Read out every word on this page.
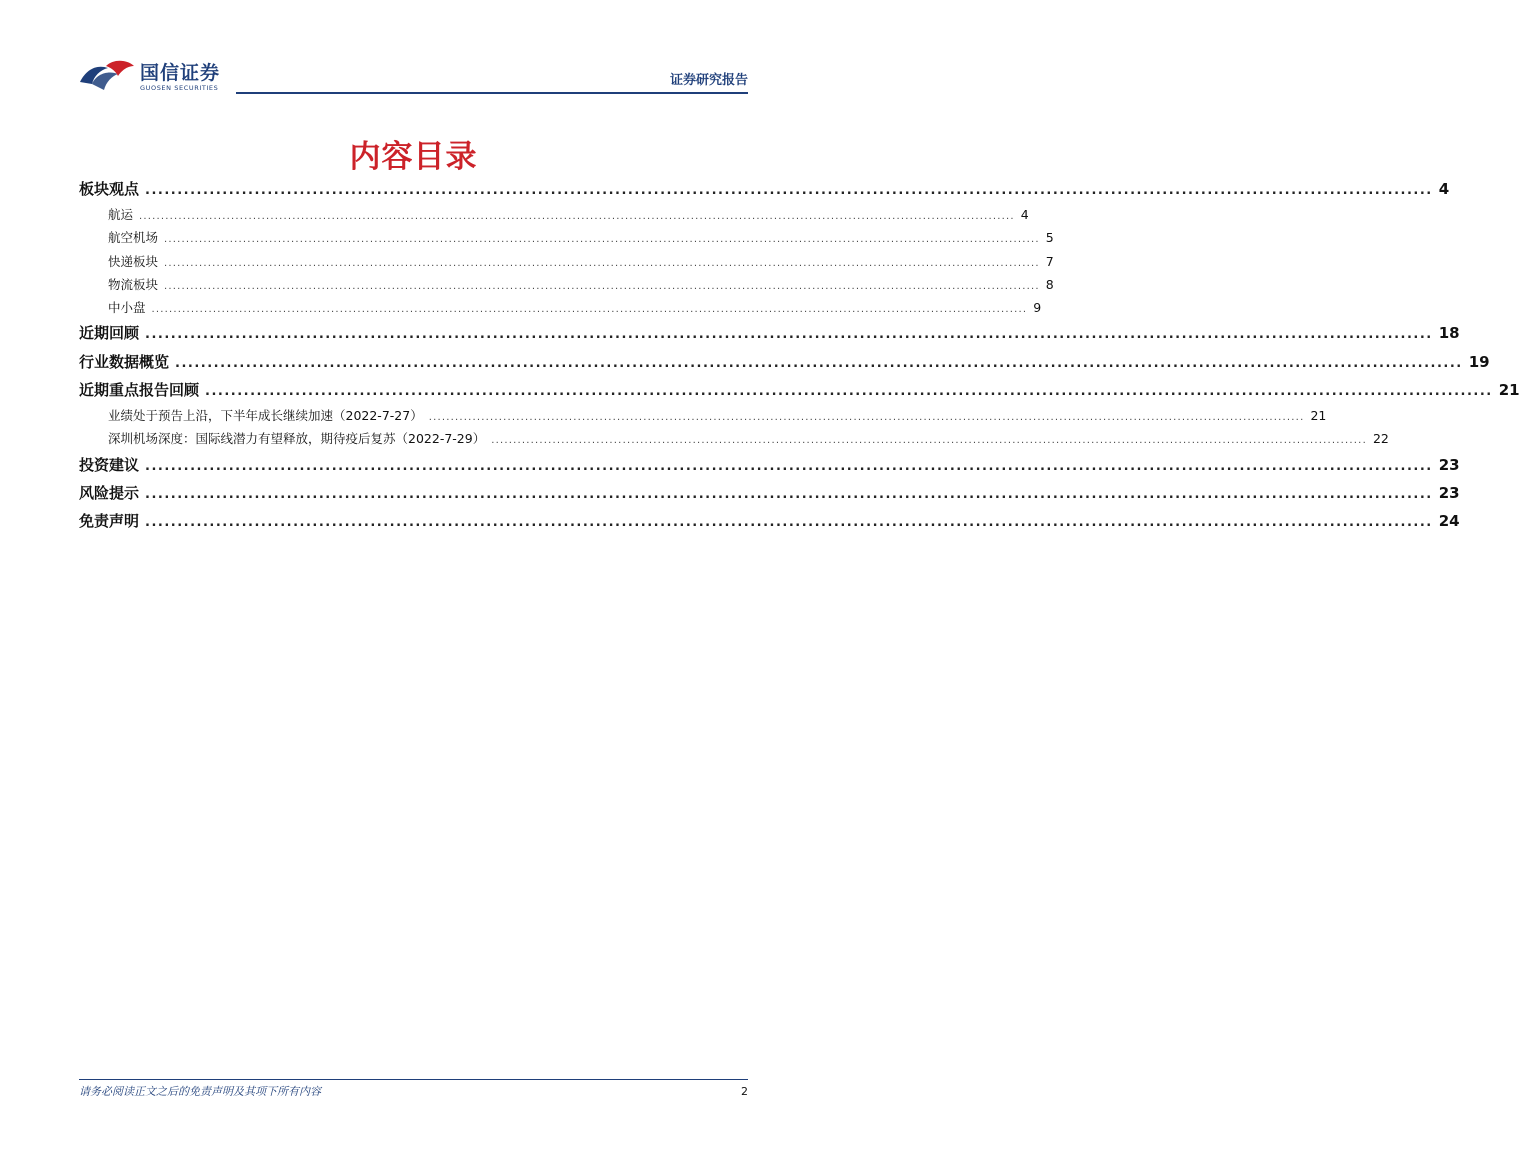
国信证券
GUOSEN SECURITIES	证券研究报告
内容目录
板块观点 ........................................................................................................................................................................................................ 4
航运 ........................................................................................................................................................................................................ 4
航空机场 ........................................................................................................................................................................................................ 5
快递板块 ........................................................................................................................................................................................................ 7
物流板块 ........................................................................................................................................................................................................ 8
中小盘 ........................................................................................................................................................................................................ 9
近期回顾 ........................................................................................................................................................................................................ 18
行业数据概览 ........................................................................................................................................................................................................ 19
近期重点报告回顾 ........................................................................................................................................................................................................ 21
业绩处于预告上沿，下半年成长继续加速（2022-7-27） ........................................................................................................................................................................................................ 21
深圳机场深度：国际线潜力有望释放，期待疫后复苏（2022-7-29） ........................................................................................................................................................................................................ 22
投资建议 ........................................................................................................................................................................................................ 23
风险提示 ........................................................................................................................................................................................................ 23
免责声明 ........................................................................................................................................................................................................ 24
请务必阅读正文之后的免责声明及其项下所有内容	2
